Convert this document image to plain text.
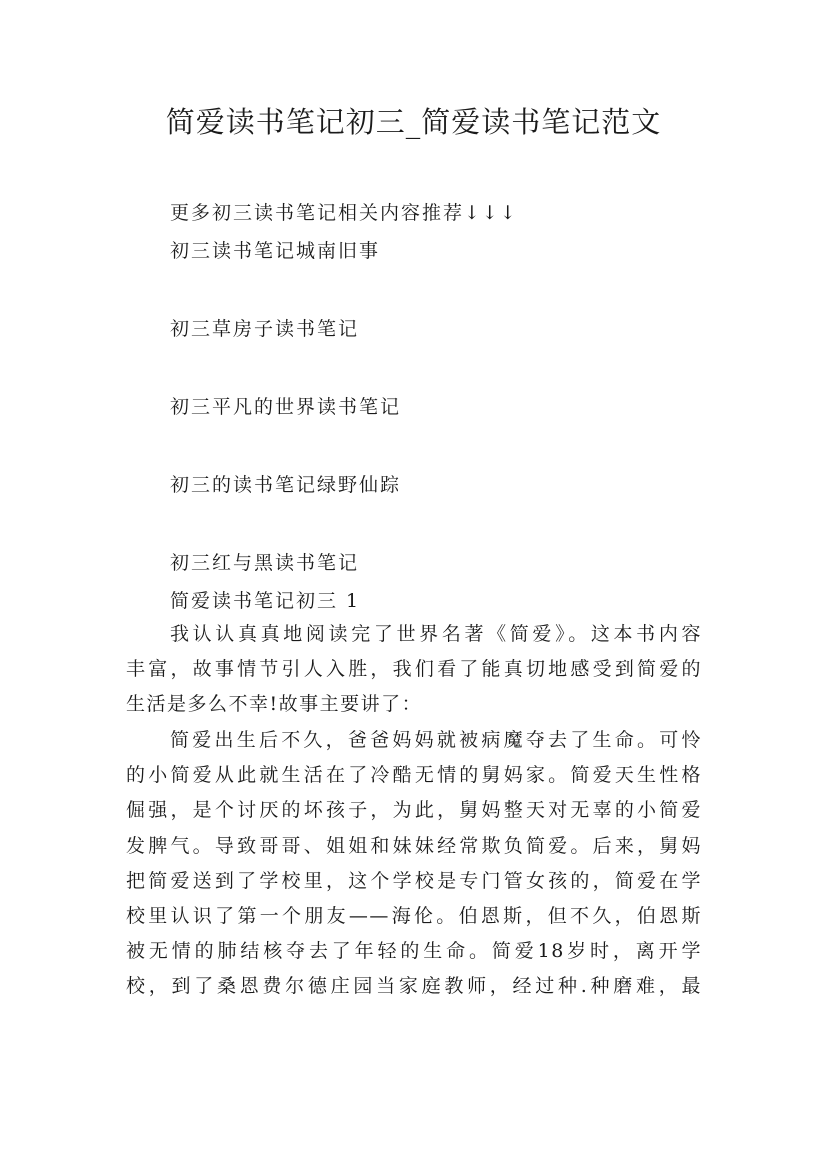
简爱读书笔记初三_简爱读书笔记范文
更多初三读书笔记相关内容推荐↓↓↓
初三读书笔记城南旧事
初三草房子读书笔记
初三平凡的世界读书笔记
初三的读书笔记绿野仙踪
初三红与黑读书笔记
简爱读书笔记初三 1
我认认真真地阅读完了世界名著《简爱》。这本书内容
丰富，故事情节引人入胜，我们看了能真切地感受到简爱的
生活是多么不幸!故事主要讲了：
简爱出生后不久，爸爸妈妈就被病魔夺去了生命。可怜
的小简爱从此就生活在了冷酷无情的舅妈家。简爱天生性格
倔强，是个讨厌的坏孩子，为此，舅妈整天对无辜的小简爱
发脾气。导致哥哥、姐姐和妹妹经常欺负简爱。后来，舅妈
把简爱送到了学校里，这个学校是专门管女孩的，简爱在学
校里认识了第一个朋友——海伦。伯恩斯，但不久，伯恩斯
被无情的肺结核夺去了年轻的生命。简爱18岁时，离开学
校，到了桑恩费尔德庄园当家庭教师，经过种.种磨难，最
